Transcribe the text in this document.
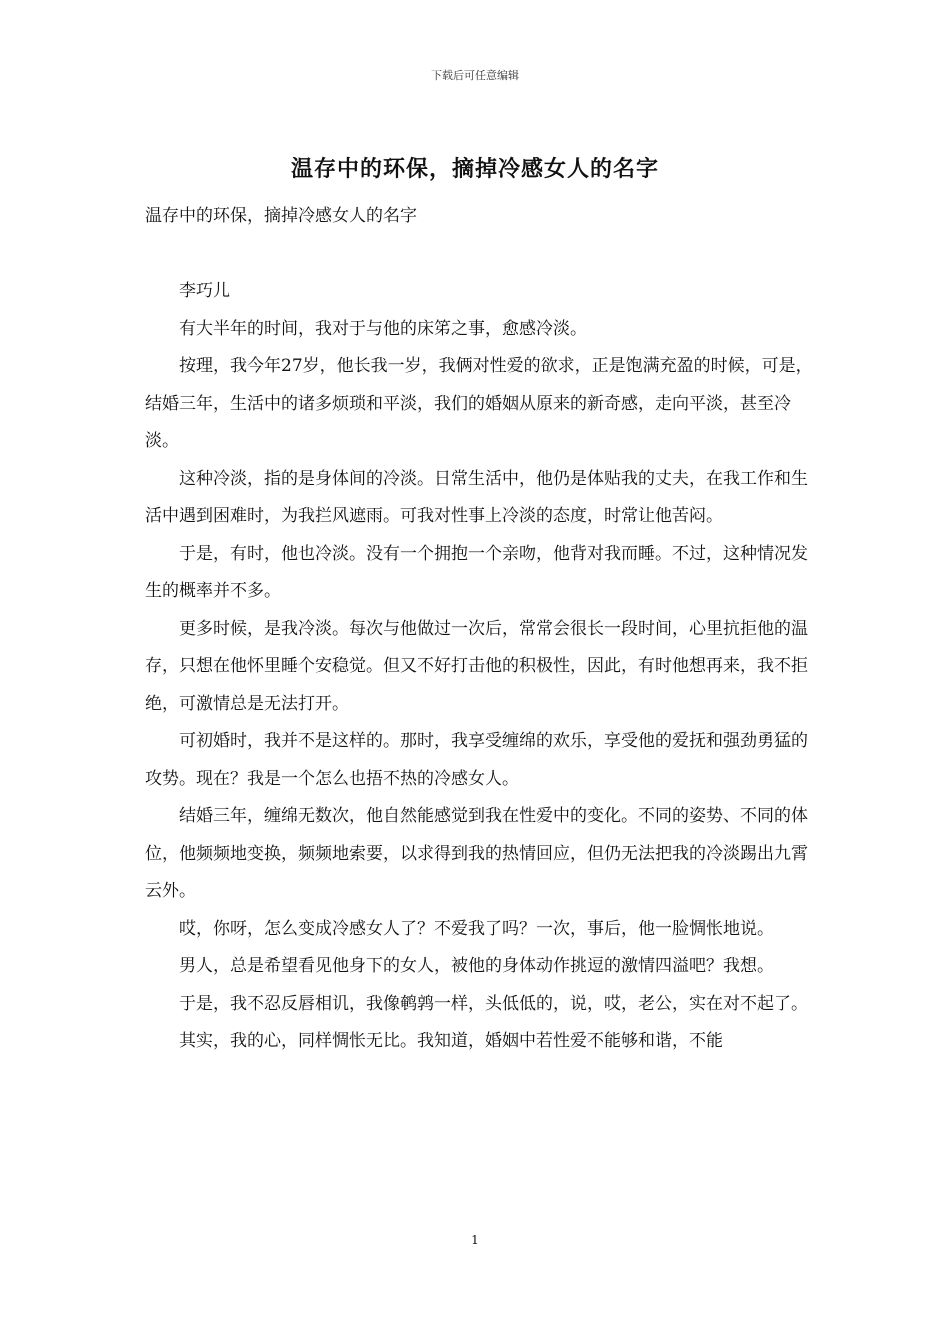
下载后可任意编辑
温存中的环保，摘掉冷感女人的名字
温存中的环保，摘掉冷感女人的名字

李巧儿

有大半年的时间，我对于与他的床笫之事，愈感冷淡。

按理，我今年27岁，他长我一岁，我俩对性爱的欲求，正是饱满充盈的时候，可是，结婚三年，生活中的诸多烦琐和平淡，我们的婚姻从原来的新奇感，走向平淡，甚至冷淡。

这种冷淡，指的是身体间的冷淡。日常生活中，他仍是体贴我的丈夫，在我工作和生活中遇到困难时，为我拦风遮雨。可我对性事上冷淡的态度，时常让他苦闷。

于是，有时，他也冷淡。没有一个拥抱一个亲吻，他背对我而睡。不过，这种情况发生的概率并不多。

更多时候，是我冷淡。每次与他做过一次后，常常会很长一段时间，心里抗拒他的温存，只想在他怀里睡个安稳觉。但又不好打击他的积极性，因此，有时他想再来，我不拒绝，可激情总是无法打开。

可初婚时，我并不是这样的。那时，我享受缠绵的欢乐，享受他的爱抚和强劲勇猛的攻势。现在？我是一个怎么也捂不热的冷感女人。

结婚三年，缠绵无数次，他自然能感觉到我在性爱中的变化。不同的姿势、不同的体位，他频频地变换，频频地索要，以求得到我的热情回应，但仍无法把我的冷淡踢出九霄云外。

哎，你呀，怎么变成冷感女人了？不爱我了吗？一次，事后，他一脸惆怅地说。

男人，总是希望看见他身下的女人，被他的身体动作挑逗的激情四溢吧？我想。

于是，我不忍反唇相讥，我像鹌鹑一样，头低低的，说，哎，老公，实在对不起了。

其实，我的心，同样惆怅无比。我知道，婚姻中若性爱不能够和谐，不能

1
